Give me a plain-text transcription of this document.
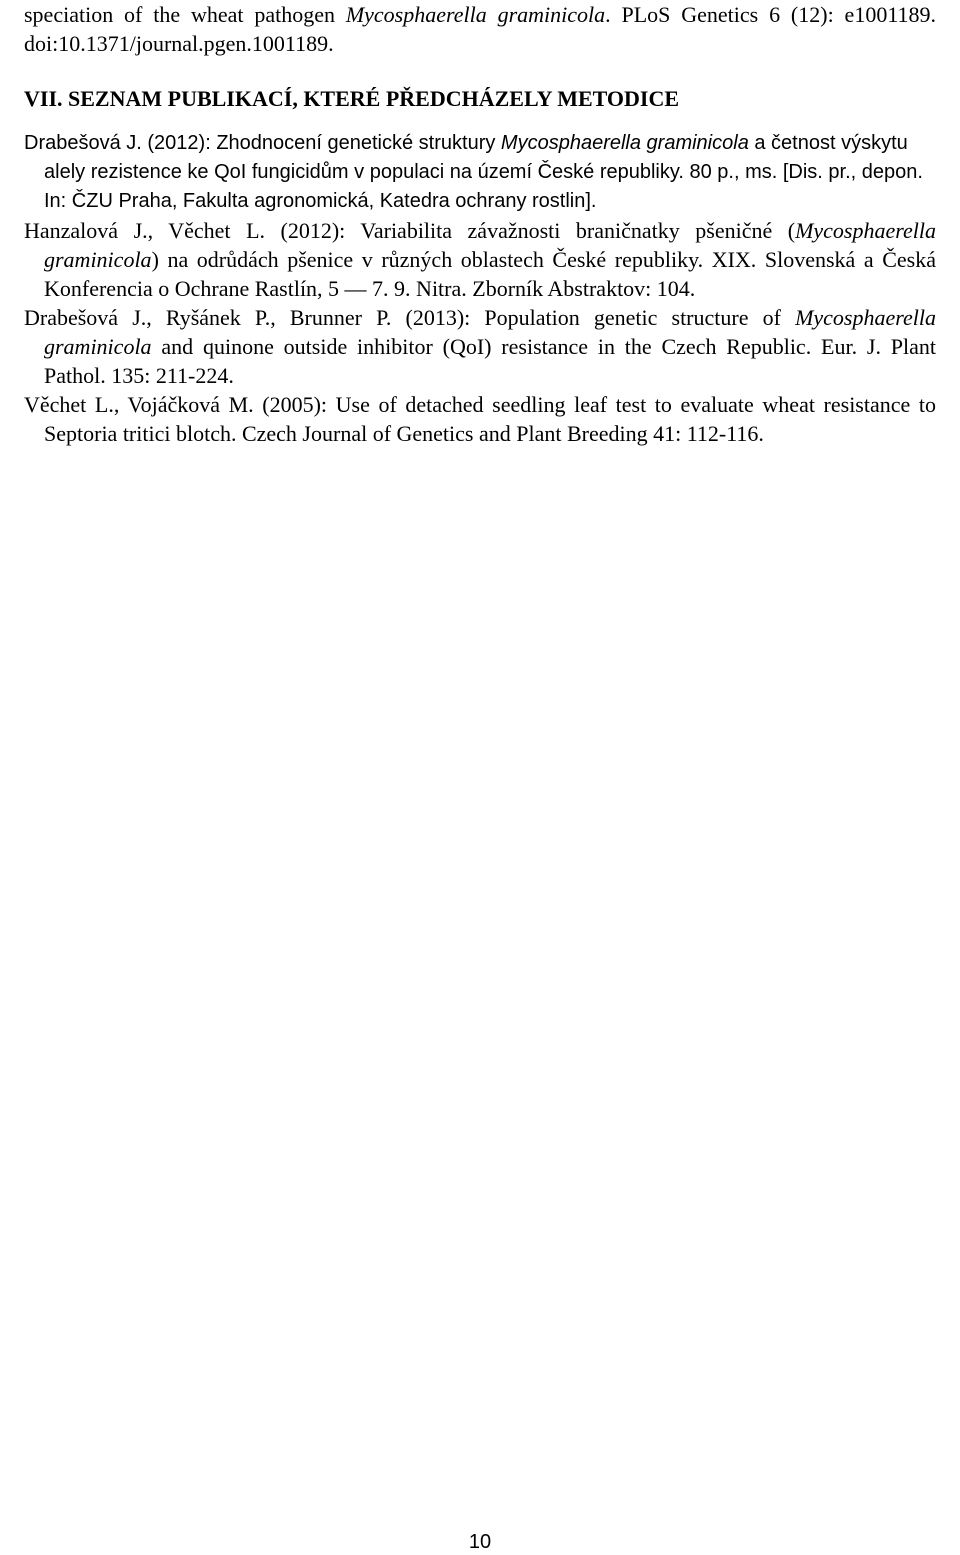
speciation of the wheat pathogen Mycosphaerella graminicola. PLoS Genetics 6 (12): e1001189. doi:10.1371/journal.pgen.1001189.

VII. SEZNAM PUBLIKACÍ, KTERÉ PŘEDCHÁZELY METODICE

Drabešová J. (2012): Zhodnocení genetické struktury Mycosphaerella graminicola a četnost výskytu alely rezistence ke QoI fungicidům v populaci na území České republiky. 80 p., ms. [Dis. pr., depon. In: ČZU Praha, Fakulta agronomická, Katedra ochrany rostlin].

Hanzalová J., Věchet L. (2012): Variabilita závažnosti braničnatky pšeničné (Mycosphaerella graminicola) na odrůdách pšenice v různých oblastech České republiky. XIX. Slovenská a Česká Konferencia o Ochrane Rastlín, 5 — 7. 9. Nitra. Zborník Abstraktov: 104.

Drabešová J., Ryšánek P., Brunner P. (2013): Population genetic structure of Mycosphaerella graminicola and quinone outside inhibitor (QoI) resistance in the Czech Republic. Eur. J. Plant Pathol. 135: 211-224.

Věchet L., Vojáčková M. (2005): Use of detached seedling leaf test to evaluate wheat resistance to Septoria tritici blotch. Czech Journal of Genetics and Plant Breeding 41: 112-116.

10
